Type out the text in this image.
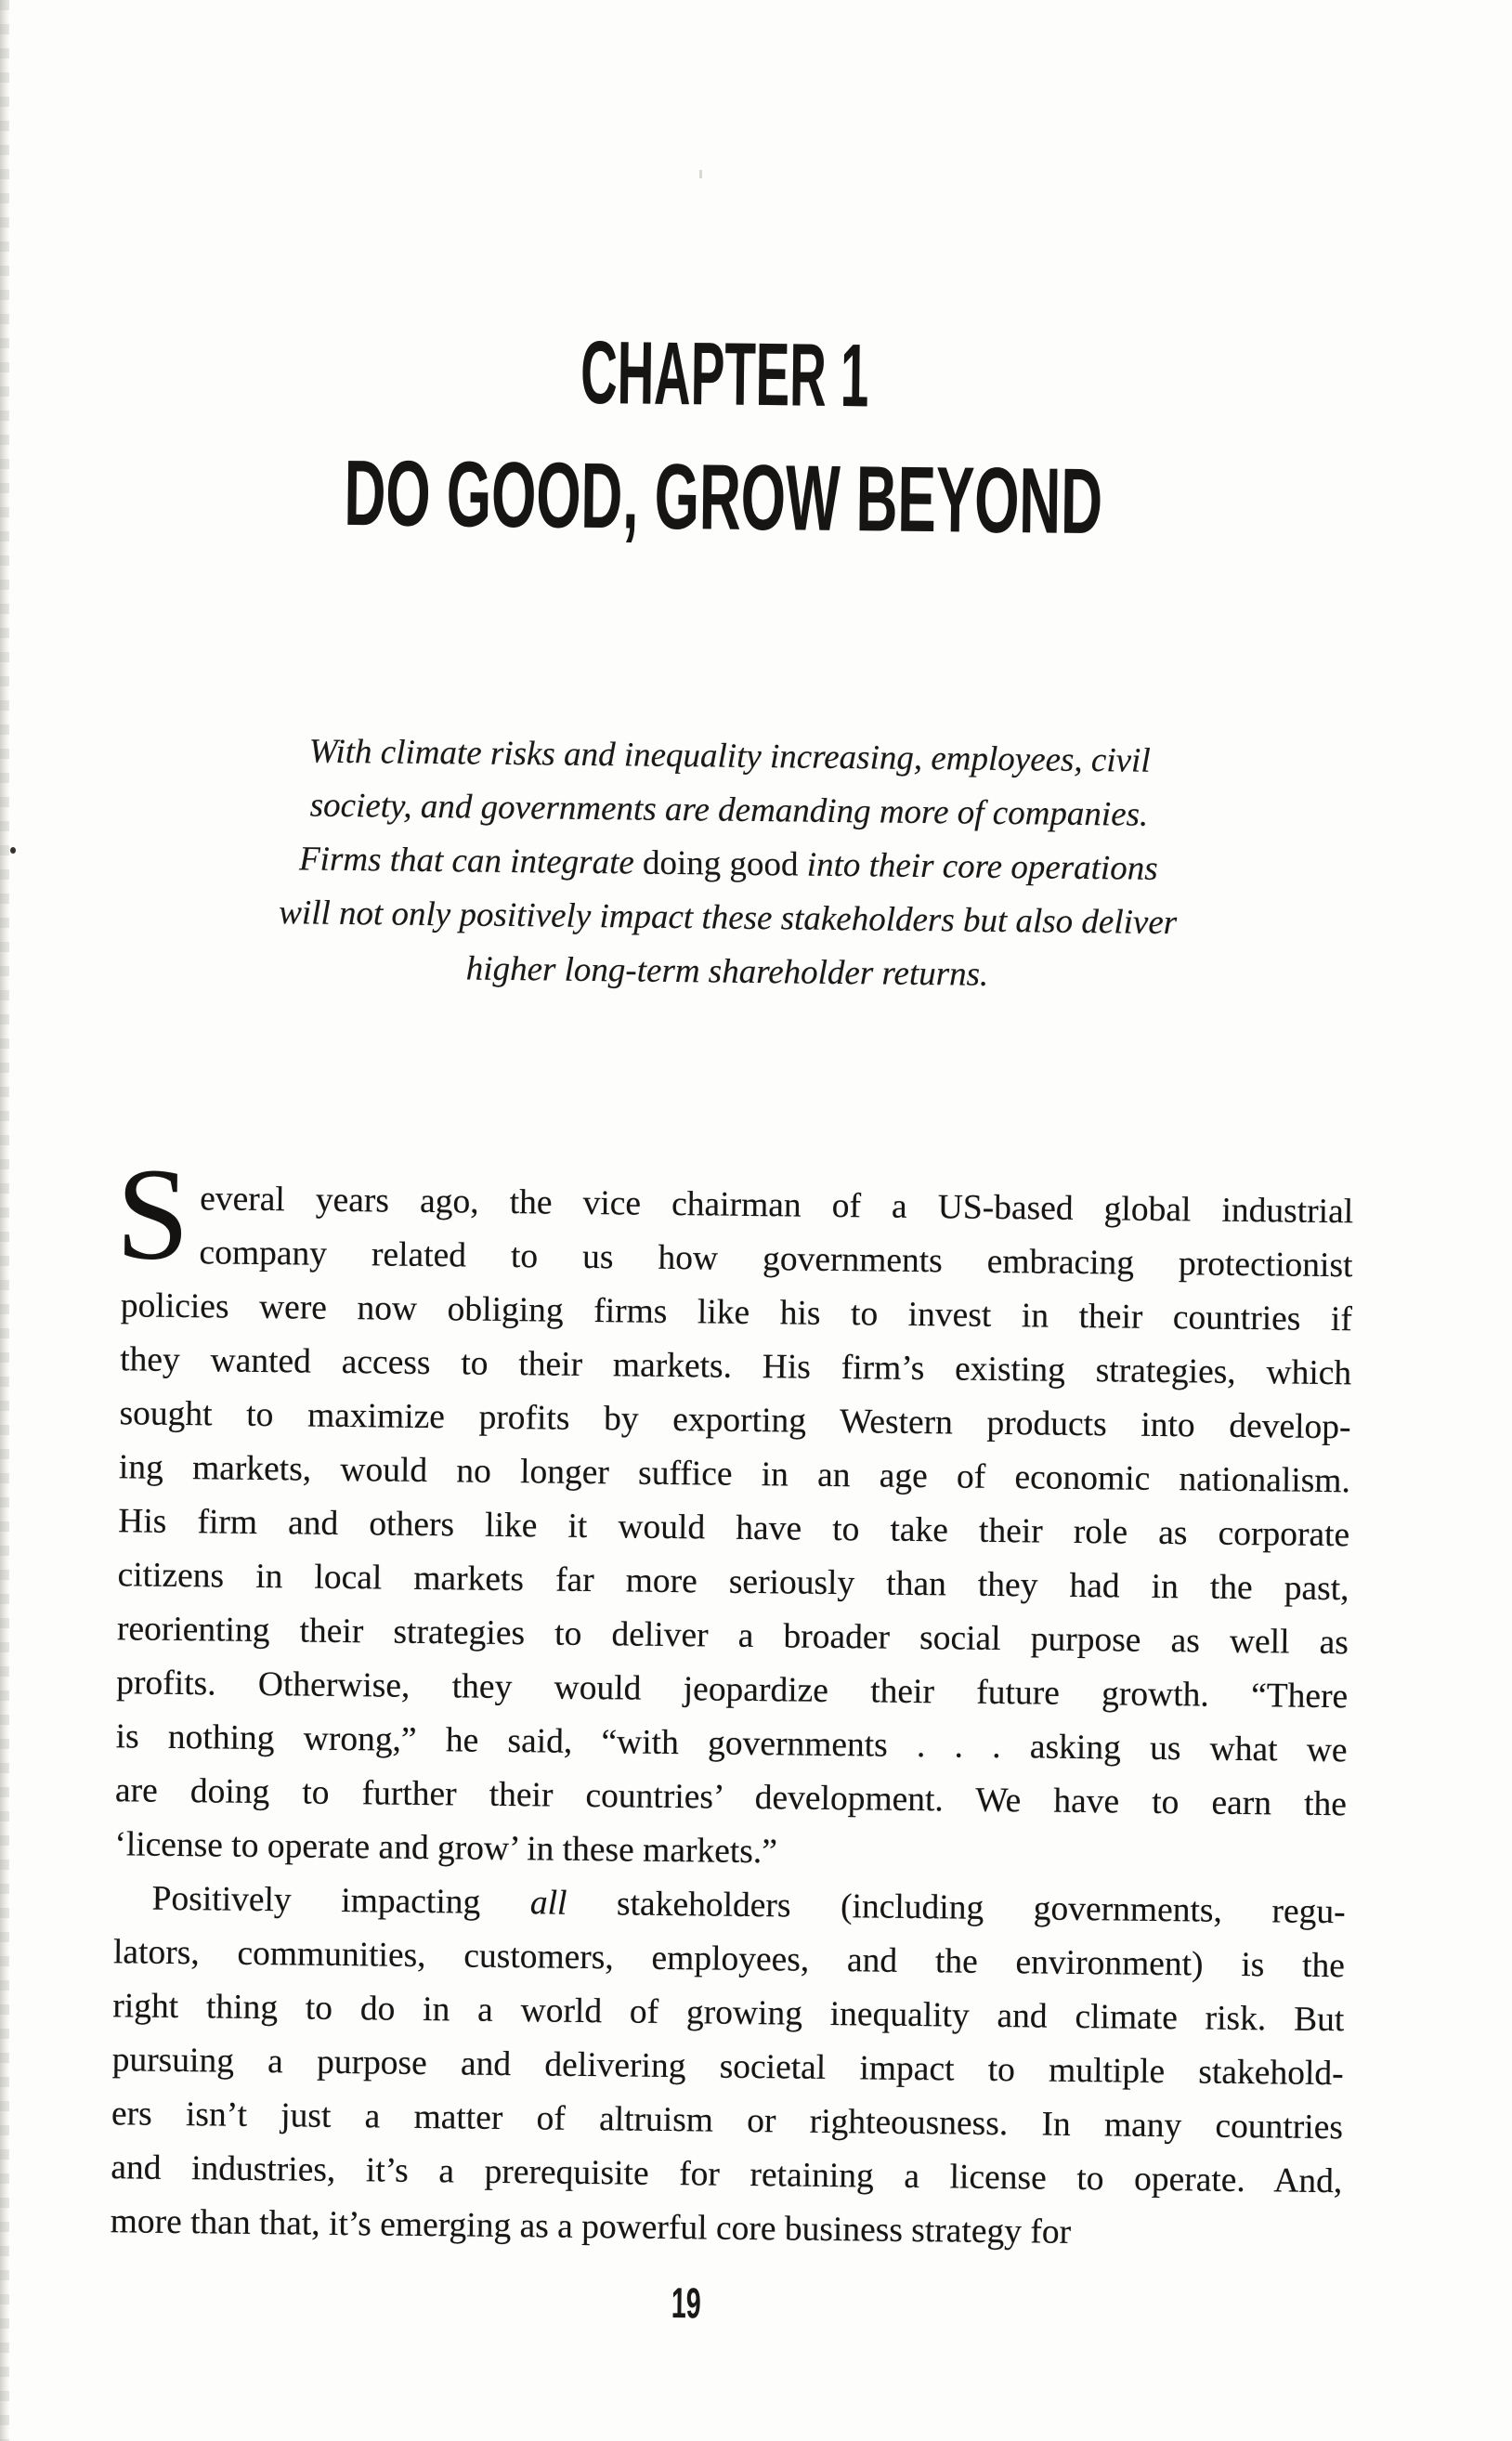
CHAPTER 1
DO GOOD, GROW BEYOND
With climate risks and inequality increasing, employees, civil
society, and governments are demanding more of companies.
Firms that can integrate doing good into their core operations
will not only positively impact these stakeholders but also deliver
higher long-term shareholder returns.
S everal years ago, the vice chairman of a US-based global industrial
company related to us how governments embracing protectionist
policies were now obliging firms like his to invest in their countries if
they wanted access to their markets. His firm’s existing strategies, which
sought to maximize profits by exporting Western products into develop-
ing markets, would no longer suffice in an age of economic nationalism.
His firm and others like it would have to take their role as corporate
citizens in local markets far more seriously than they had in the past,
reorienting their strategies to deliver a broader social purpose as well as
profits. Otherwise, they would jeopardize their future growth. “There
is nothing wrong,” he said, “with governments . . . asking us what we
are doing to further their countries’ development. We have to earn the
‘license to operate and grow’ in these markets.”
Positively impacting all stakeholders (including governments, regu-
lators, communities, customers, employees, and the environment) is the
right thing to do in a world of growing inequality and climate risk. But
pursuing a purpose and delivering societal impact to multiple stakehold-
ers isn’t just a matter of altruism or righteousness. In many countries
and industries, it’s a prerequisite for retaining a license to operate. And,
more than that, it’s emerging as a powerful core business strategy for
19
